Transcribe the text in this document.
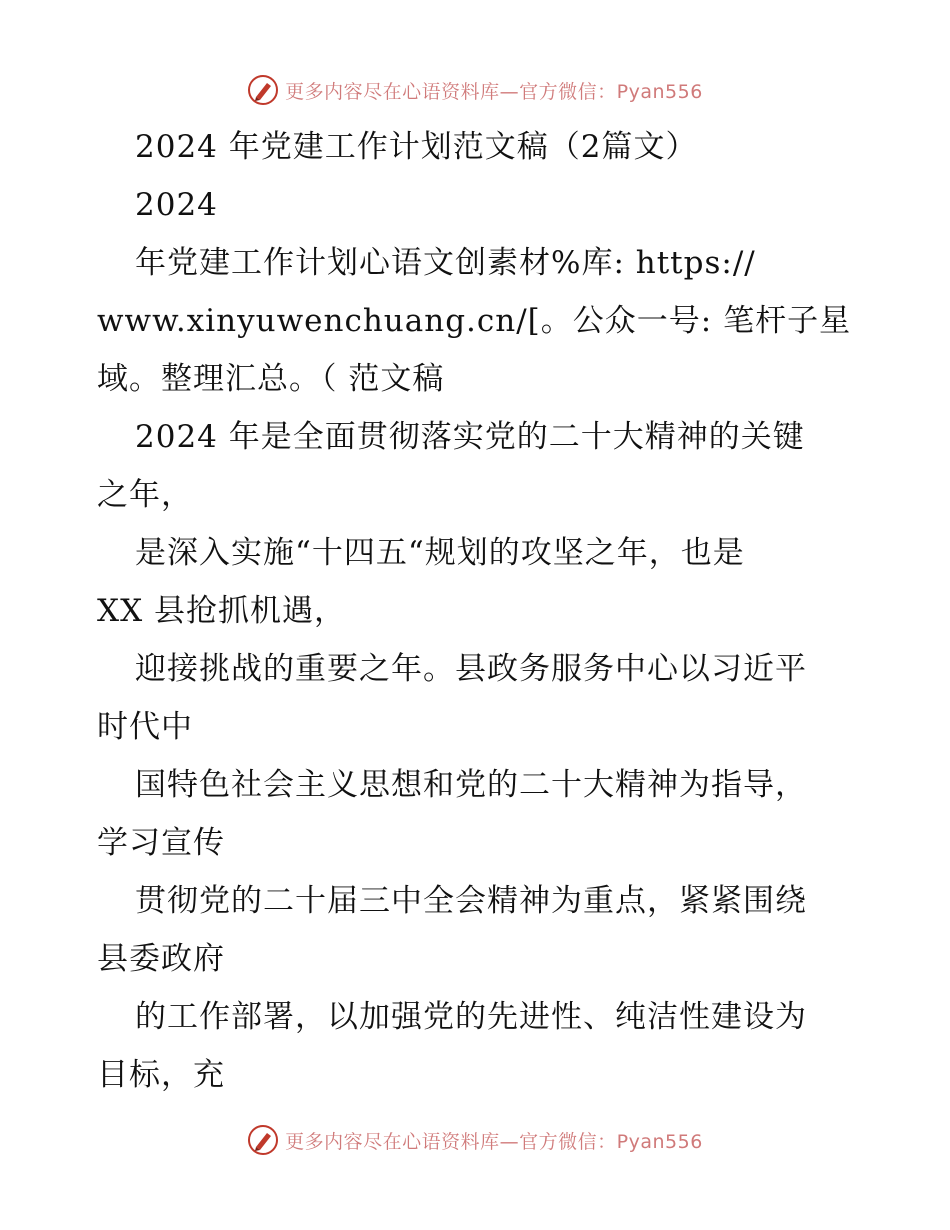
更多内容尽在心语资料库—官方微信：Pyan556
2024 年党建工作计划范文稿（2篇文）
2024
年党建工作计划心语文创素材%库: https://
www.xinyuwenchuang.cn/[。公众一号: 笔杆子星
域。整理汇总。（ 范文稿
2024 年是全面贯彻落实党的二十大精神的关键
之年，
是深入实施“十四五“规划的攻坚之年，也是
XX 县抢抓机遇，
迎接挑战的重要之年。县政务服务中心以习近平
时代中
国特色社会主义思想和党的二十大精神为指导，
学习宣传
贯彻党的二十届三中全会精神为重点，紧紧围绕
县委政府
的工作部署，以加强党的先进性、纯洁性建设为
目标，充
更多内容尽在心语资料库—官方微信：Pyan556
